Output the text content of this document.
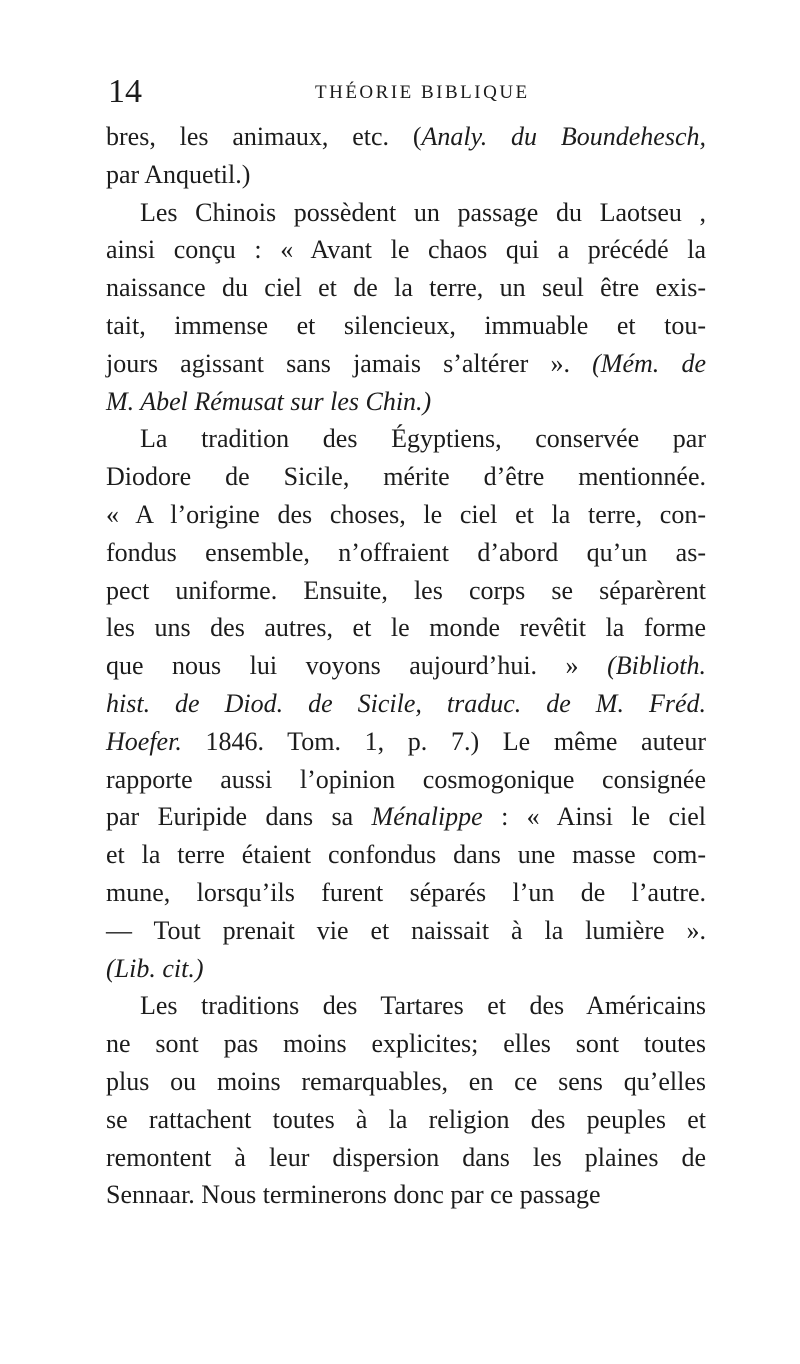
14	THÉORIE BIBLIQUE
bres, les animaux, etc. (Analy. du Boundehesch,
par Anquetil.)
Les Chinois possèdent un passage du Laotseu ,
ainsi conçu : « Avant le chaos qui a précédé la
naissance du ciel et de la terre, un seul être exis-
tait, immense et silencieux, immuable et tou-
jours agissant sans jamais s’altérer ». (Mém. de
M. Abel Rémusat sur les Chin.)
La tradition des Égyptiens, conservée par
Diodore de Sicile, mérite d’être mentionnée.
« A l’origine des choses, le ciel et la terre, con-
fondus ensemble, n’offraient d’abord qu’un as-
pect uniforme. Ensuite, les corps se séparèrent
les uns des autres, et le monde revêtit la forme
que nous lui voyons aujourd’hui. » (Biblioth.
hist. de Diod. de Sicile, traduc. de M. Fréd.
Hoefer. 1846. Tom. 1, p. 7.) Le même auteur
rapporte aussi l’opinion cosmogonique consignée
par Euripide dans sa Ménalippe : « Ainsi le ciel
et la terre étaient confondus dans une masse com-
mune, lorsqu’ils furent séparés l’un de l’autre.
— Tout prenait vie et naissait à la lumière ».
(Lib. cit.)
Les traditions des Tartares et des Américains
ne sont pas moins explicites; elles sont toutes
plus ou moins remarquables, en ce sens qu’elles
se rattachent toutes à la religion des peuples et
remontent à leur dispersion dans les plaines de
Sennaar. Nous terminerons donc par ce passage
